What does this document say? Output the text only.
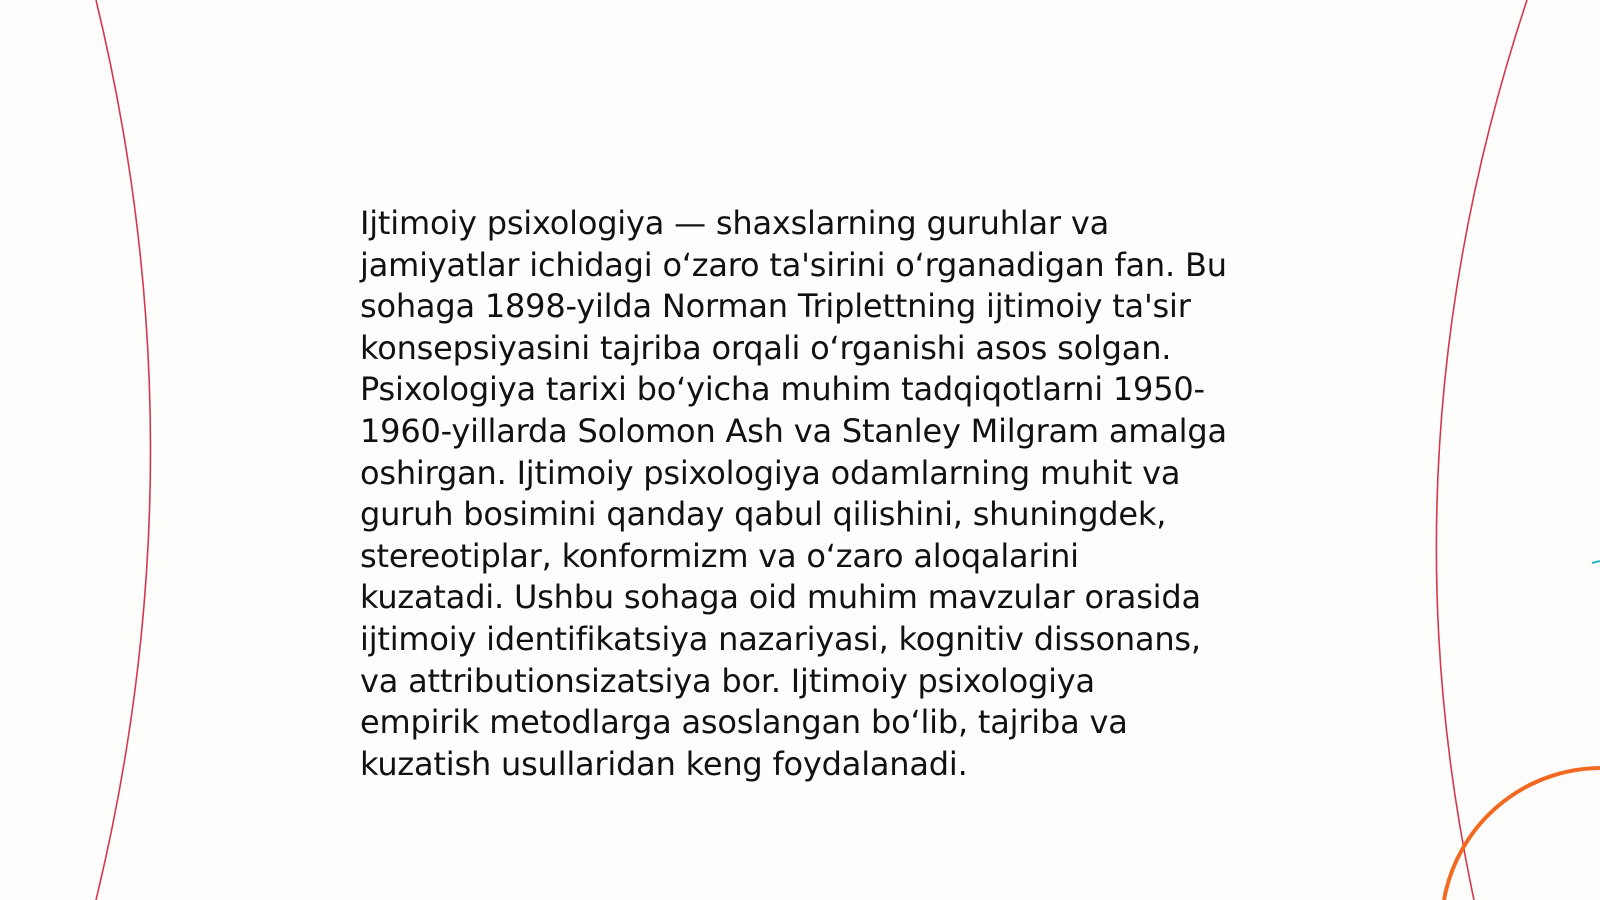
Ijtimoiy psixologiya — shaxslarning guruhlar va
jamiyatlar ichidagi oʻzaro ta'sirini oʻrganadigan fan. Bu
sohaga 1898-yilda Norman Triplettning ijtimoiy ta'sir
konsepsiyasini tajriba orqali oʻrganishi asos solgan.
Psixologiya tarixi boʻyicha muhim tadqiqotlarni 1950-
1960-yillarda Solomon Ash va Stanley Milgram amalga
oshirgan. Ijtimoiy psixologiya odamlarning muhit va
guruh bosimini qanday qabul qilishini, shuningdek,
stereotiplar, konformizm va oʻzaro aloqalarini
kuzatadi. Ushbu sohaga oid muhim mavzular orasida
ijtimoiy identifikatsiya nazariyasi, kognitiv dissonans,
va attributionsizatsiya bor. Ijtimoiy psixologiya
empirik metodlarga asoslangan boʻlib, tajriba va
kuzatish usullaridan keng foydalanadi.
